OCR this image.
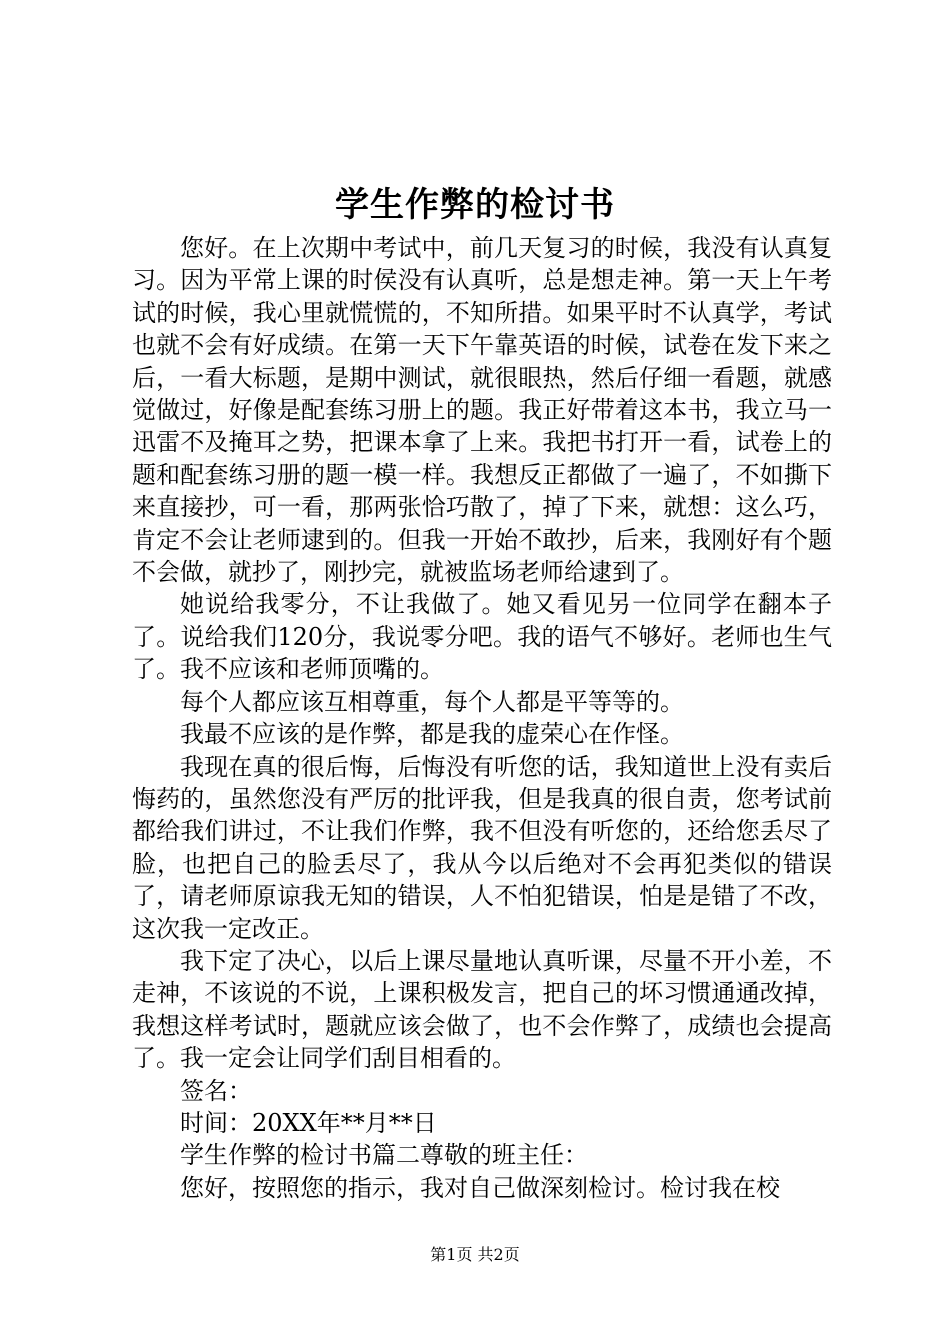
学生作弊的检讨书

您好。在上次期中考试中，前几天复习的时候，我没有认真复习。因为平常上课的时侯没有认真听，总是想走神。第一天上午考试的时候，我心里就慌慌的，不知所措。如果平时不认真学，考试也就不会有好成绩。在第一天下午靠英语的时候，试卷在发下来之后，一看大标题，是期中测试，就很眼热，然后仔细一看题，就感觉做过，好像是配套练习册上的题。我正好带着这本书，我立马一迅雷不及掩耳之势，把课本拿了上来。我把书打开一看，试卷上的题和配套练习册的题一模一样。我想反正都做了一遍了，不如撕下来直接抄，可一看，那两张恰巧散了，掉了下来，就想：这么巧，肯定不会让老师逮到的。但我一开始不敢抄，后来，我刚好有个题不会做，就抄了，刚抄完，就被监场老师给逮到了。

她说给我零分，不让我做了。她又看见另一位同学在翻本子了。说给我们120分，我说零分吧。我的语气不够好。老师也生气了。我不应该和老师顶嘴的。

每个人都应该互相尊重，每个人都是平等等的。

我最不应该的是作弊，都是我的虚荣心在作怪。

我现在真的很后悔，后悔没有听您的话，我知道世上没有卖后悔药的，虽然您没有严厉的批评我，但是我真的很自责，您考试前都给我们讲过，不让我们作弊，我不但没有听您的，还给您丢尽了脸，也把自己的脸丢尽了，我从今以后绝对不会再犯类似的错误了，请老师原谅我无知的错误，人不怕犯错误，怕是是错了不改，这次我一定改正。

我下定了决心，以后上课尽量地认真听课，尽量不开小差，不走神，不该说的不说，上课积极发言，把自己的坏习惯通通改掉，我想这样考试时，题就应该会做了，也不会作弊了，成绩也会提高了。我一定会让同学们刮目相看的。

签名：

时间：20XX年**月**日

学生作弊的检讨书篇二尊敬的班主任：

您好，按照您的指示，我对自己做深刻检讨。检讨我在校

第1页 共2页
